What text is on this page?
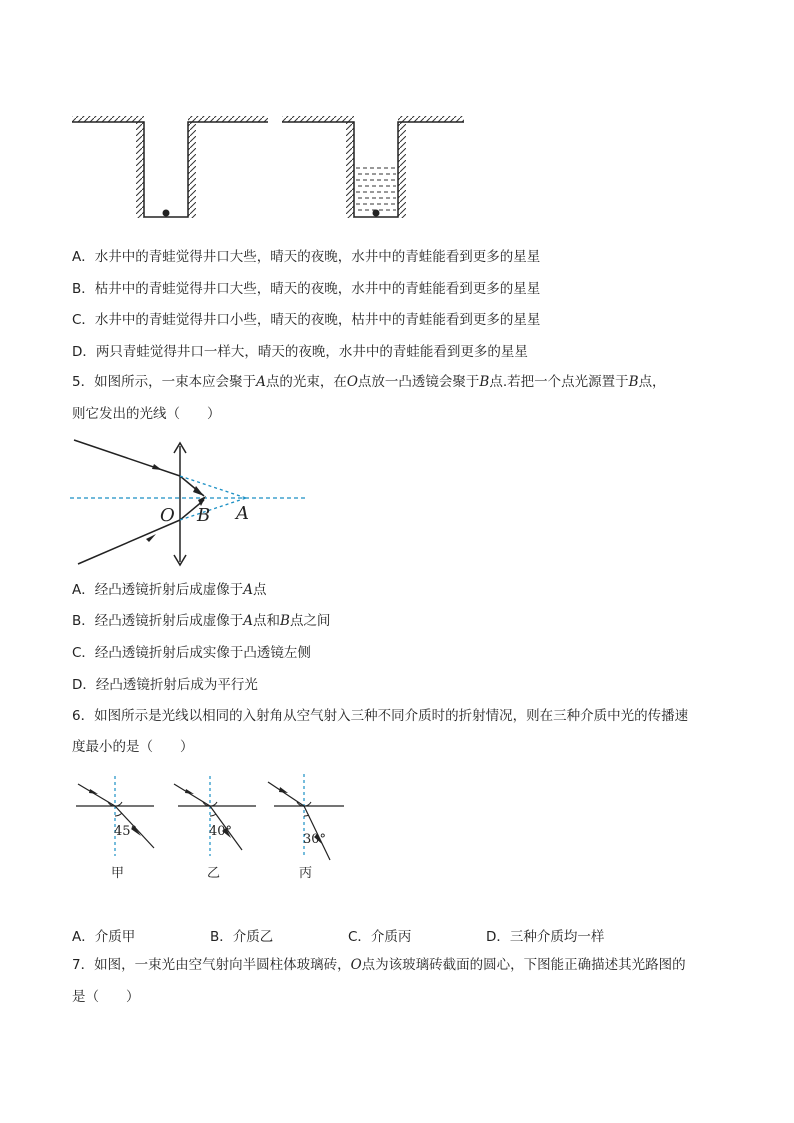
A．水井中的青蛙觉得井口大些，晴天的夜晚，水井中的青蛙能看到更多的星星
B．枯井中的青蛙觉得井口大些，晴天的夜晚，水井中的青蛙能看到更多的星星
C．水井中的青蛙觉得井口小些，晴天的夜晚，枯井中的青蛙能看到更多的星星
D．两只青蛙觉得井口一样大，晴天的夜晚，水井中的青蛙能看到更多的星星
5．如图所示，一束本应会聚于A点的光束，在O点放一凸透镜会聚于B点.若把一个点光源置于B点，
则它发出的光线（　　）
O B A
A．经凸透镜折射后成虚像于A点
B．经凸透镜折射后成虚像于A点和B点之间
C．经凸透镜折射后成实像于凸透镜左侧
D．经凸透镜折射后成为平行光
6．如图所示是光线以相同的入射角从空气射入三种不同介质时的折射情况，则在三种介质中光的传播速
度最小的是（　　）
45°	40°
30°
甲	乙	丙
A．介质甲	B．介质乙	C．介质丙	D．三种介质均一样
7．如图，一束光由空气射向半圆柱体玻璃砖，O点为该玻璃砖截面的圆心，下图能正确描述其光路图的
是（　　）
